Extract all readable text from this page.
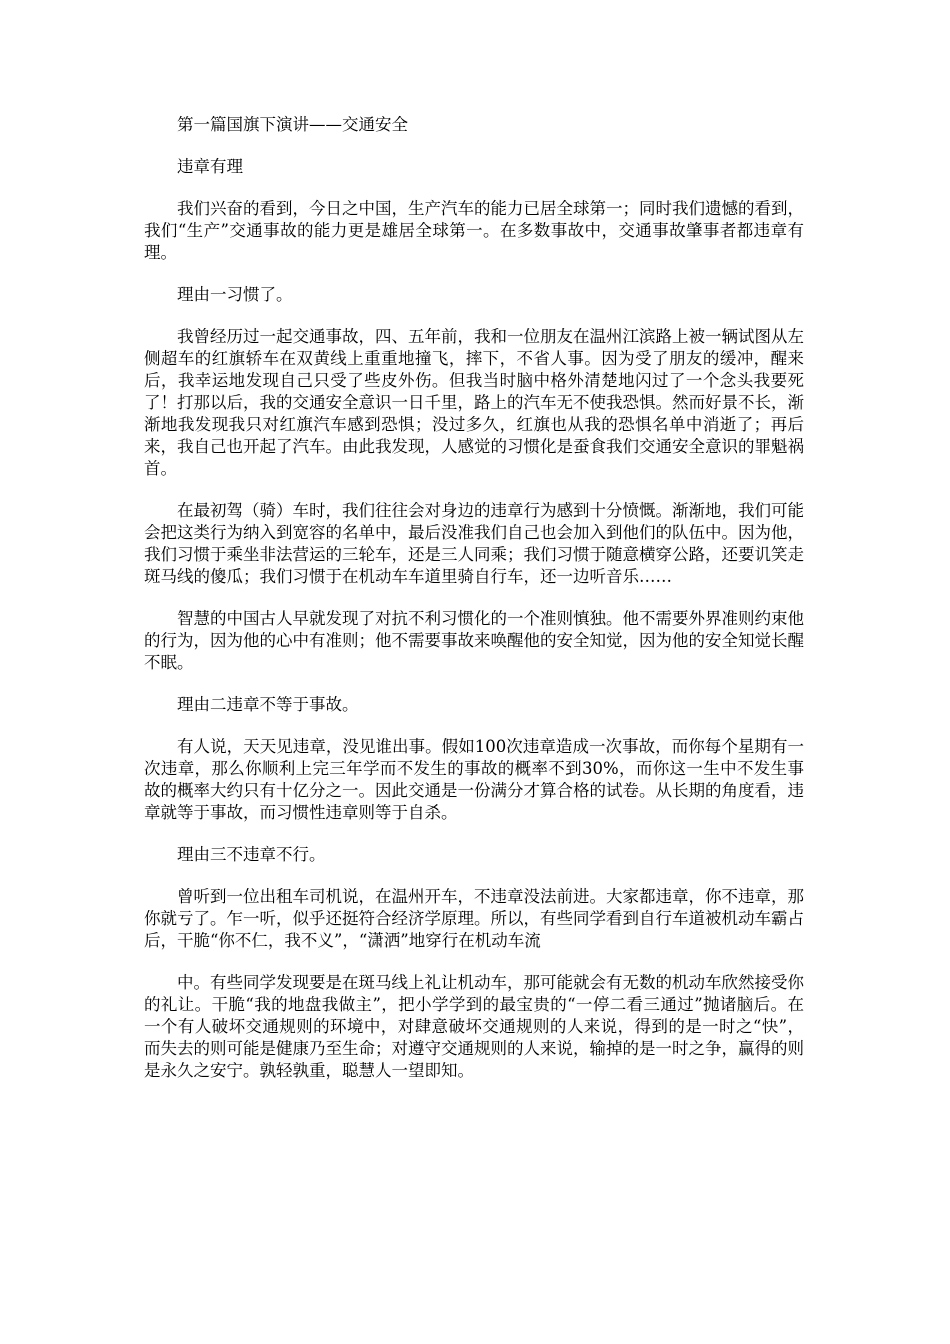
第一篇国旗下演讲——交通安全

违章有理

我们兴奋的看到，今日之中国，生产汽车的能力已居全球第一；同时我们遗憾的看到，我们“生产”交通事故的能力更是雄居全球第一。在多数事故中，交通事故肇事者都违章有理。

理由一习惯了。

我曾经历过一起交通事故，四、五年前，我和一位朋友在温州江滨路上被一辆试图从左侧超车的红旗轿车在双黄线上重重地撞飞，摔下，不省人事。因为受了朋友的缓冲，醒来后，我幸运地发现自己只受了些皮外伤。但我当时脑中格外清楚地闪过了一个念头我要死了！打那以后，我的交通安全意识一日千里，路上的汽车无不使我恐惧。然而好景不长，渐渐地我发现我只对红旗汽车感到恐惧；没过多久，红旗也从我的恐惧名单中消逝了；再后来，我自己也开起了汽车。由此我发现，人感觉的习惯化是蚕食我们交通安全意识的罪魁祸首。

在最初驾（骑）车时，我们往往会对身边的违章行为感到十分愤慨。渐渐地，我们可能会把这类行为纳入到宽容的名单中，最后没准我们自己也会加入到他们的队伍中。因为他，我们习惯于乘坐非法营运的三轮车，还是三人同乘；我们习惯于随意横穿公路，还要讥笑走斑马线的傻瓜；我们习惯于在机动车车道里骑自行车，还一边听音乐……

智慧的中国古人早就发现了对抗不利习惯化的一个准则慎独。他不需要外界准则约束他的行为，因为他的心中有准则；他不需要事故来唤醒他的安全知觉，因为他的安全知觉长醒不眠。

理由二违章不等于事故。

有人说，天天见违章，没见谁出事。假如100次违章造成一次事故，而你每个星期有一次违章，那么你顺利上完三年学而不发生的事故的概率不到30%，而你这一生中不发生事故的概率大约只有十亿分之一。因此交通是一份满分才算合格的试卷。从长期的角度看，违章就等于事故，而习惯性违章则等于自杀。

理由三不违章不行。

曾听到一位出租车司机说，在温州开车，不违章没法前进。大家都违章，你不违章，那你就亏了。乍一听，似乎还挺符合经济学原理。所以，有些同学看到自行车道被机动车霸占后，干脆“你不仁，我不义”，“潇洒”地穿行在机动车流

中。有些同学发现要是在斑马线上礼让机动车，那可能就会有无数的机动车欣然接受你的礼让。干脆“我的地盘我做主”，把小学学到的最宝贵的“一停二看三通过”抛诸脑后。在一个有人破坏交通规则的环境中，对肆意破坏交通规则的人来说，得到的是一时之“快”，而失去的则可能是健康乃至生命；对遵守交通规则的人来说，输掉的是一时之争，赢得的则是永久之安宁。孰轻孰重，聪慧人一望即知。
